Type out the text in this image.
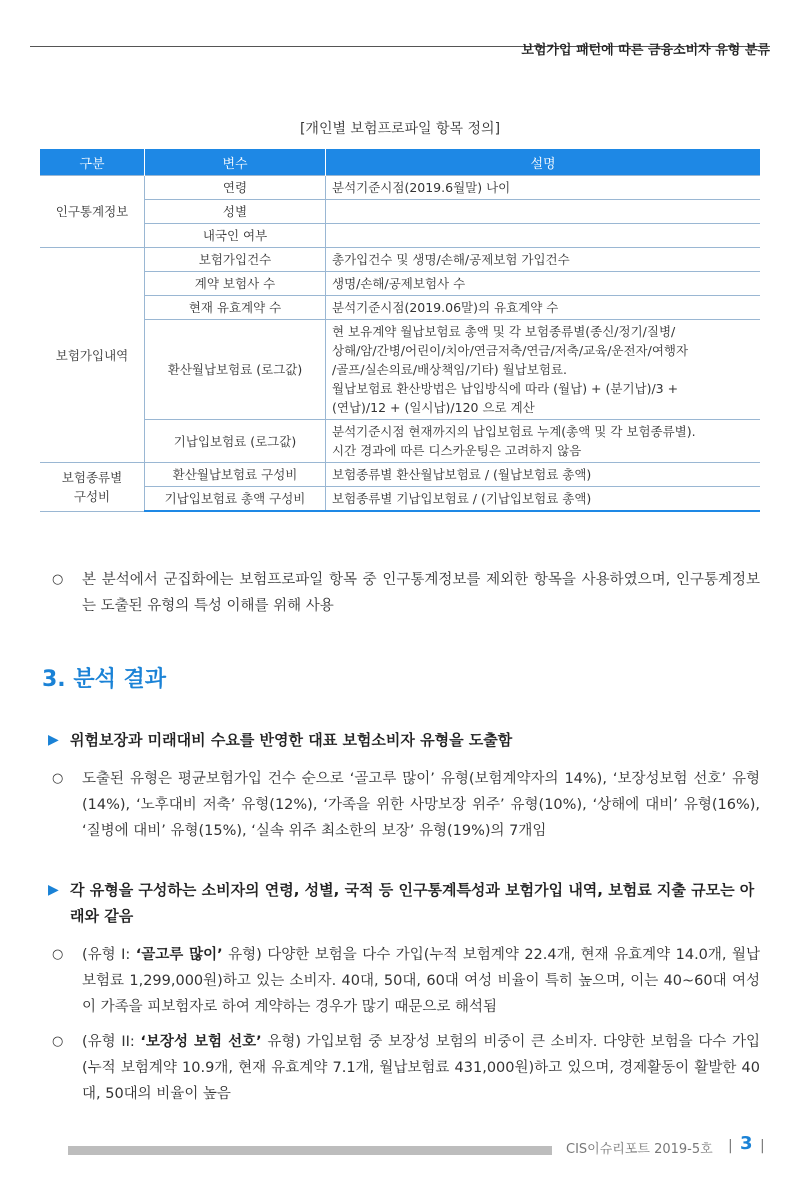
보험가입 패턴에 따른 금융소비자 유형 분류
[개인별 보험프로파일 항목 정의]
구분	변수	설명
인구통계정보	연령	분석기준시점(2019.6월말) 나이
	성별	
	내국인 여부	
보험가입내역	보험가입건수	총가입건수 및 생명/손해/공제보험 가입건수
	계약 보험사 수	생명/손해/공제보험사 수
	현재 유효계약 수	분석기준시점(2019.06말)의 유효계약 수
	환산월납보험료 (로그값)	현 보유계약 월납보험료 총액 및 각 보험종류별(종신/정기/질병/
상해/암/간병/어린이/치아/연금저축/연금/저축/교육/운전자/여행자
/골프/실손의료/배상책임/기타) 월납보험료.
월납보험료 환산방법은 납입방식에 따라 (월납) + (분기납)/3 +
(연납)/12 + (일시납)/120 으로 계산

	기납입보험료 (로그값)	분석기준시점 현재까지의 납입보험료 누계(총액 및 각 보험종류별).
시간 경과에 따른 디스카운팅은 고려하지 않음

보험종류별
구성비	환산월납보험료 구성비	보험종류별 환산월납보험료 / (월납보험료 총액)
	기납입보험료 총액 구성비	보험종류별 기납입보험료 / (기납입보험료 총액)
○ 본 분석에서 군집화에는 보험프로파일 항목 중 인구통계정보를 제외한 항목을 사용하였으며, 인구통계정보는 도출된 유형의 특성 이해를 위해 사용
3. 분석 결과
▶ 위험보장과 미래대비 수요를 반영한 대표 보험소비자 유형을 도출함
○ 도출된 유형은 평균보험가입 건수 순으로 ‘골고루 많이’ 유형(보험계약자의 14%), ‘보장성보험 선호’ 유형(14%), ‘노후대비 저축’ 유형(12%), ‘가족을 위한 사망보장 위주’ 유형(10%), ‘상해에 대비’ 유형(16%), ‘질병에 대비’ 유형(15%), ‘실속 위주 최소한의 보장’ 유형(19%)의 7개임
▶ 각 유형을 구성하는 소비자의 연령, 성별, 국적 등 인구통계특성과 보험가입 내역, 보험료 지출 규모는 아래와 같음
○ (유형 I: ‘골고루 많이’ 유형) 다양한 보험을 다수 가입(누적 보험계약 22.4개, 현재 유효계약 14.0개, 월납보험료 1,299,000원)하고 있는 소비자. 40대, 50대, 60대 여성 비율이 특히 높으며, 이는 40~60대 여성이 가족을 피보험자로 하여 계약하는 경우가 많기 때문으로 해석됨
○ (유형 II: ‘보장성 보험 선호’ 유형) 가입보험 중 보장성 보험의 비중이 큰 소비자. 다양한 보험을 다수 가입(누적 보험계약 10.9개, 현재 유효계약 7.1개, 월납보험료 431,000원)하고 있으며, 경제활동이 활발한 40대, 50대의 비율이 높음
CIS이슈리포트 2019-5호 | 3 |
